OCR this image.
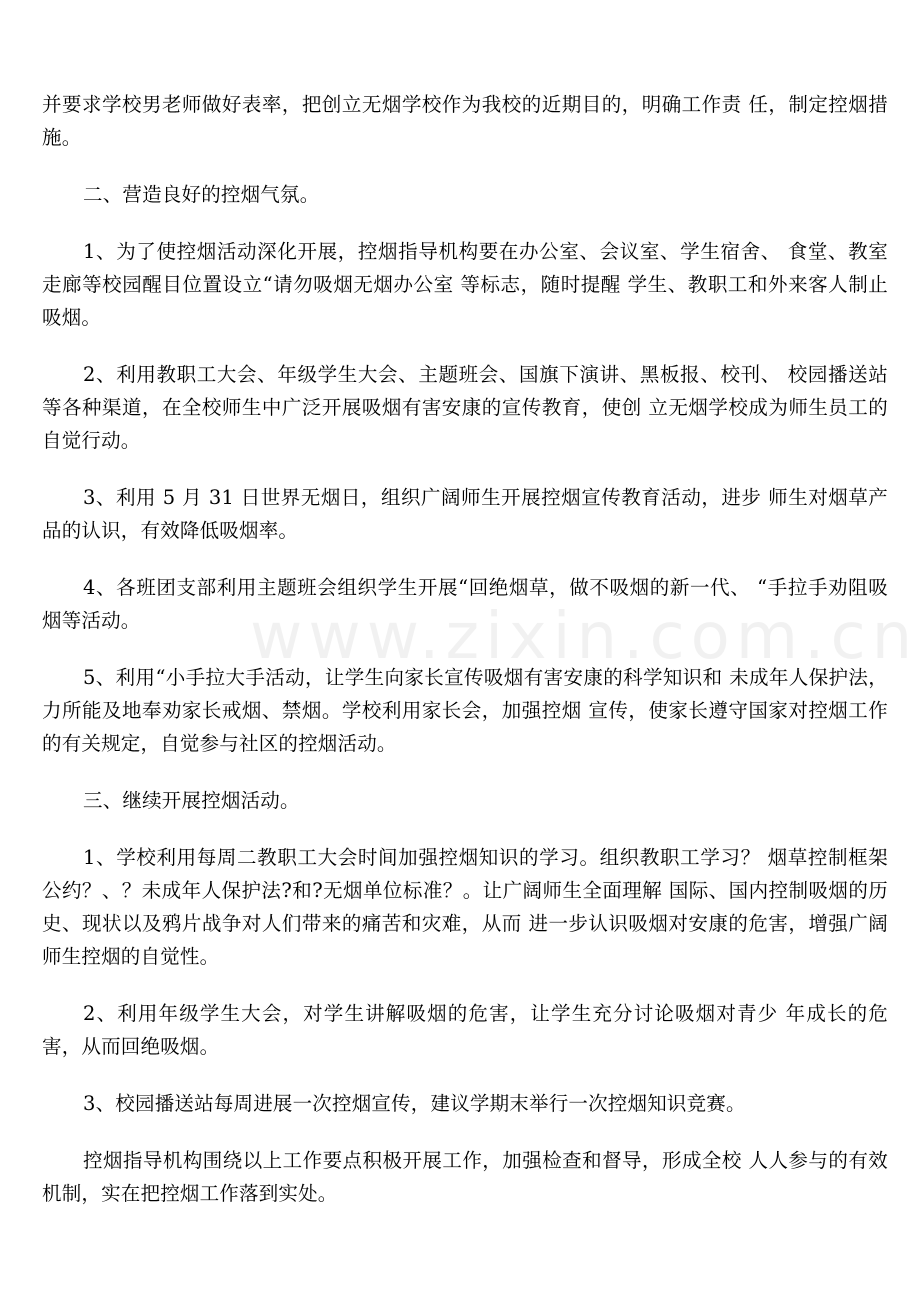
www.zixin.com.cn

并要求学校男老师做好表率，把创立无烟学校作为我校的近期目的，明确工作责 任，制定控烟措施。

二、营造良好的控烟气氛。

1、为了使控烟活动深化开展，控烟指导机构要在办公室、会议室、学生宿舍、 食堂、教室走廊等校园醒目位置设立“请勿吸烟无烟办公室 等标志，随时提醒 学生、教职工和外来客人制止吸烟。

2、利用教职工大会、年级学生大会、主题班会、国旗下演讲、黑板报、校刊、 校园播送站等各种渠道，在全校师生中广泛开展吸烟有害安康的宣传教育，使创 立无烟学校成为师生员工的自觉行动。

3、利用 5 月 31 日世界无烟日，组织广阔师生开展控烟宣传教育活动，进步 师生对烟草产品的认识，有效降低吸烟率。

4、各班团支部利用主题班会组织学生开展“回绝烟草，做不吸烟的新一代、 “手拉手劝阻吸烟等活动。

5、利用“小手拉大手活动，让学生向家长宣传吸烟有害安康的科学知识和 未成年人保护法，力所能及地奉劝家长戒烟、禁烟。学校利用家长会，加强控烟 宣传，使家长遵守国家对控烟工作的有关规定，自觉参与社区的控烟活动。

三、继续开展控烟活动。

1、学校利用每周二教职工大会时间加强控烟知识的学习。组织教职工学习？ 烟草控制框架公约？、？未成年人保护法?和?无烟单位标准？。让广阔师生全面理解 国际、国内控制吸烟的历史、现状以及鸦片战争对人们带来的痛苦和灾难，从而 进一步认识吸烟对安康的危害，增强广阔师生控烟的自觉性。

2、利用年级学生大会，对学生讲解吸烟的危害，让学生充分讨论吸烟对青少 年成长的危害，从而回绝吸烟。

3、校园播送站每周进展一次控烟宣传，建议学期末举行一次控烟知识竞赛。

控烟指导机构围绕以上工作要点积极开展工作，加强检查和督导，形成全校 人人参与的有效机制，实在把控烟工作落到实处。
